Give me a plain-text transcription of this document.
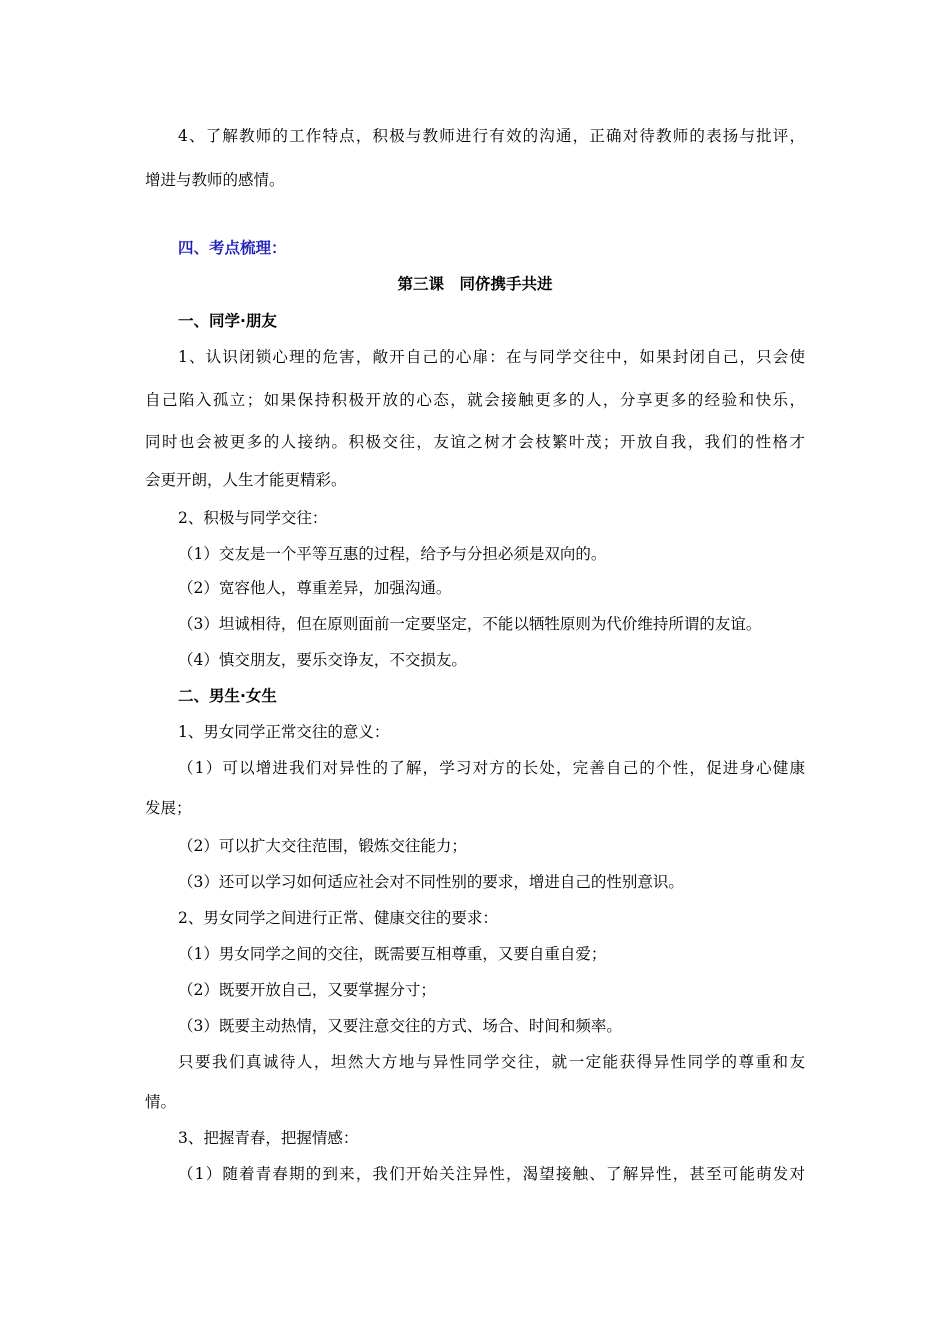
4、了解教师的工作特点，积极与教师进行有效的沟通，正确对待教师的表扬与批评，
增进与教师的感情。
四、考点梳理：
第三课　同侪携手共进
一、同学·朋友
1、认识闭锁心理的危害，敞开自己的心扉：在与同学交往中，如果封闭自己，只会使
自己陷入孤立；如果保持积极开放的心态，就会接触更多的人，分享更多的经验和快乐，
同时也会被更多的人接纳。积极交往，友谊之树才会枝繁叶茂；开放自我，我们的性格才
会更开朗，人生才能更精彩。
2、积极与同学交往：
（1）交友是一个平等互惠的过程，给予与分担必须是双向的。
（2）宽容他人，尊重差异，加强沟通。
（3）坦诚相待，但在原则面前一定要坚定，不能以牺牲原则为代价维持所谓的友谊。
（4）慎交朋友，要乐交诤友，不交损友。
二、男生·女生
1、男女同学正常交往的意义：
（1）可以增进我们对异性的了解，学习对方的长处，完善自己的个性，促进身心健康
发展；
（2）可以扩大交往范围，锻炼交往能力；
（3）还可以学习如何适应社会对不同性别的要求，增进自己的性别意识。
2、男女同学之间进行正常、健康交往的要求：
（1）男女同学之间的交往，既需要互相尊重，又要自重自爱；
（2）既要开放自己，又要掌握分寸；
（3）既要主动热情，又要注意交往的方式、场合、时间和频率。
只要我们真诚待人，坦然大方地与异性同学交往，就一定能获得异性同学的尊重和友
情。
3、把握青春，把握情感：
（1）随着青春期的到来，我们开始关注异性，渴望接触、了解异性，甚至可能萌发对
